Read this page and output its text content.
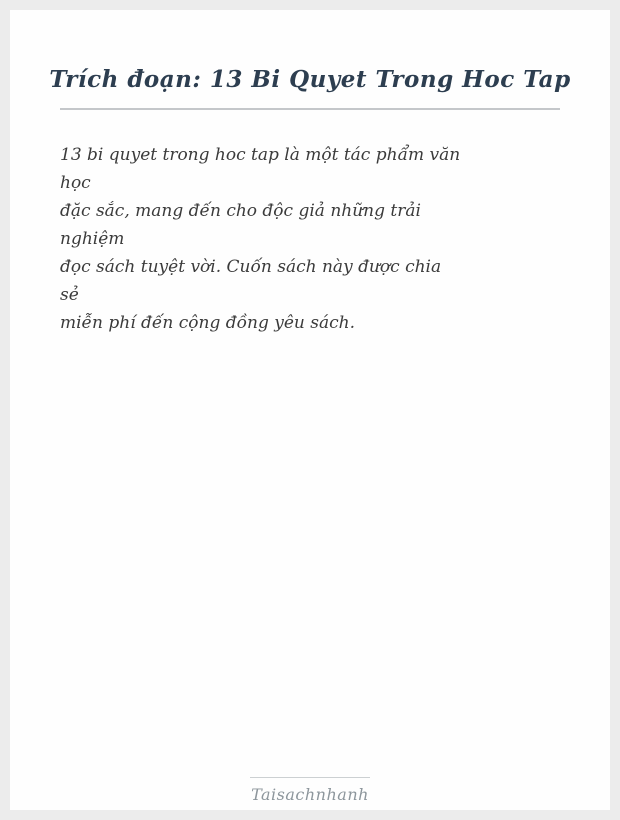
Trích đoạn: 13 Bi Quyet Trong Hoc Tap
13 bi quyet trong hoc tap là một tác phẩm văn
học
đặc sắc, mang đến cho độc giả những trải
nghiệm
đọc sách tuyệt vời. Cuốn sách này được chia
sẻ
miễn phí đến cộng đồng yêu sách.
Taisachnhanh
